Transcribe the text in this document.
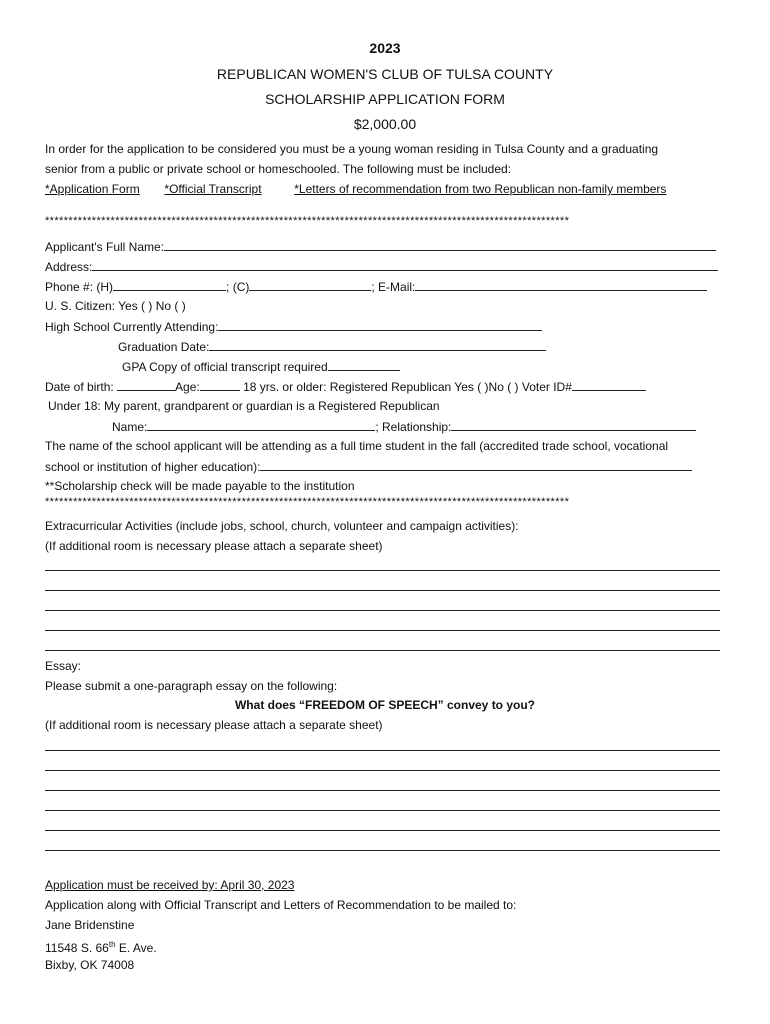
2023
REPUBLICAN WOMEN'S CLUB OF TULSA COUNTY
SCHOLARSHIP APPLICATION FORM
$2,000.00
In order for the application to be considered you must be a young woman residing in Tulsa County and a graduating
senior from a public or private school or homeschooled. The following must be included:
*Application Form *Official Transcript	*Letters of recommendation from two Republican non-family members
****************************************************************************************************************
Applicant's Full Name:
Address:
Phone #: (H)	; (C)	; E-Mail:
U. S. Citizen: Yes ( ) No ( )
High School Currently Attending:
Graduation Date:
GPA Copy of official transcript required
Date of birth:	Age:	18 yrs. or older: Registered Republican Yes ( )No ( ) Voter ID#
Under 18: My parent, grandparent or guardian is a Registered Republican
Name:	; Relationship:
The name of the school applicant will be attending as a full time student in the fall (accredited trade school, vocational
school or institution of higher education):
**Scholarship check will be made payable to the institution
****************************************************************************************************************
Extracurricular Activities (include jobs, school, church, volunteer and campaign activities):
(If additional room is necessary please attach a separate sheet)
Essay:
Please submit a one-paragraph essay on the following:
What does “FREEDOM OF SPEECH” convey to you?
(If additional room is necessary please attach a separate sheet)
Application must be received by: April 30, 2023
Application along with Official Transcript and Letters of Recommendation to be mailed to:
Jane Bridenstine
11548 S. 66th E. Ave.
Bixby, OK 74008
